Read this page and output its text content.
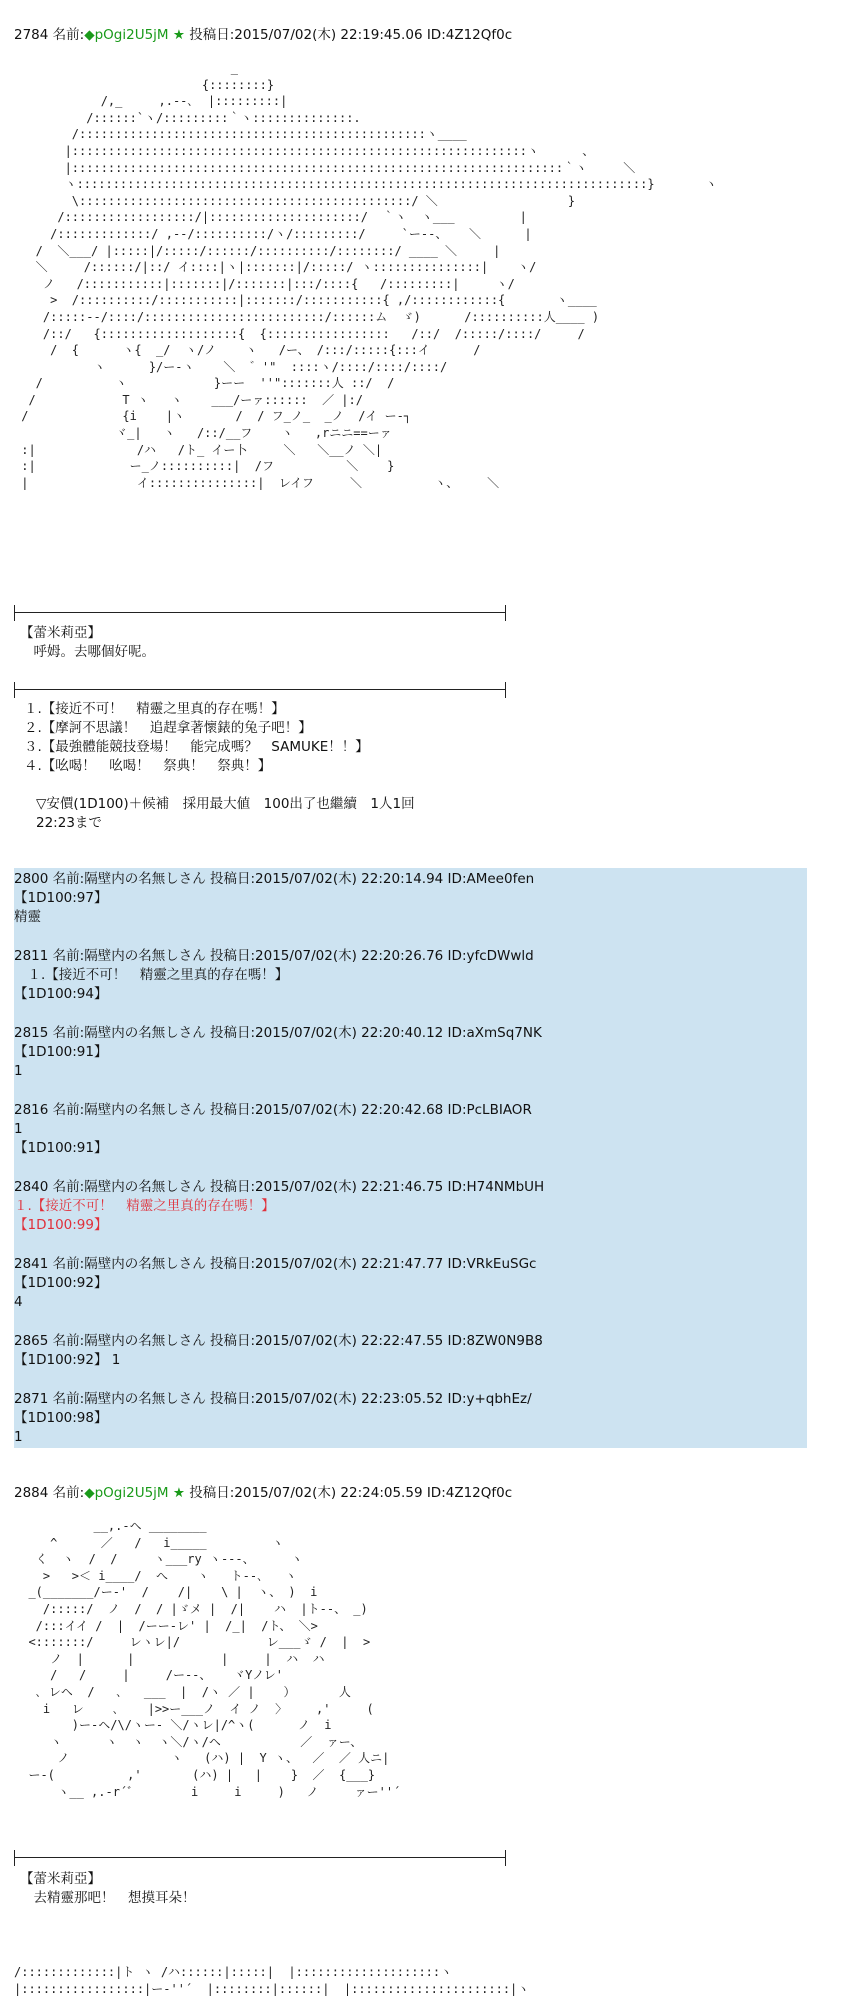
2784 名前:◆pOgi2U5jM ★ 投稿日:2015/07/02(木) 22:19:45.06 ID:4Z12Qf0c
_
{::::::::}
/,_     ,.--､  |:::::::::|
/::::::`ヽ/:::::::::｀ヽ::::::::::::::.
/::::::::::::::::::::::::::::::::::::::::::::::::ヽ____
|:::::::::::::::::::::::::::::::::::::::::::::::::::::::::::::::ヽ      、
|::::::::::::::::::::::::::::::::::::::::::::::::::::::::::::::::::::｀ヽ     ＼
ヽ:::::::::::::::::::::::::::::::::::::::::::::::::::::::::::::::::::::::::::::::}       ヽ
\::::::::::::::::::::::::::::::::::::::::::::::/ ＼                  }
/::::::::::::::::::/|:::::::::::::::::::::/  ｀ヽ  ヽ___         |
/:::::::::::::/ ,--/::::::::::/ヽ/:::::::::/     `ー--、   ＼      |
/  ＼___/ |:::::|/:::::/::::::/::::::::::/::::::::/ ____ ＼     |
＼     /::::::/|::/ イ::::|ヽ|:::::::|/:::::/ ヽ:::::::::::::::|    ヽ/
ノ   /:::::::::::|:::::::|/:::::::|:::/::::{   /:::::::::|     ヽ/
>  /::::::::::/:::::::::::|:::::::/:::::::::::{ ,/::::::::::::{       ヽ____
/:::::--/::::/:::::::::::::::::::::::::/::::::ム  ゞ)      /::::::::::人____ )
/::/   {:::::::::::::::::::{  {:::::::::::::::::   /::/  /:::::/::::/     /
/  {      ヽ{  _/  ヽ/ノ    ヽ   /ー、 /:::/:::::{:::イ      /
ヽ      }/ー-ヽ    ＼  ゛'"  ::::ヽ/::::/::::/::::/
/          ヽ            }ーー  ''":::::::人 ::/  /
/            T ヽ   ヽ    ___/ーァ::::::  ／ |:/
/             {i    |ヽ       /  / フ_ノ_  _ノ  /イ ー‐┐
ヾ_|   ヽ   /::/__フ    ヽ   ,rニニ==ーァ
:|              /ハ   /ト_ イー卜     ＼   ＼__ノ ＼|
:|             ー_ノ::::::::::|  /フ          ＼    }
|               イ:::::::::::::::|  レイフ     ＼          ヽ、    ＼

【蕾米莉亞】
　呼姆。去哪個好呢。
１.【接近不可！　精靈之里真的存在嗎！】
２.【摩訶不思議！　追趕拿著懷錶的兔子吧！】
３.【最強體能競技登場！　能完成嗎？　SAMUKE！！】
４.【吆喝！　吆喝！　祭典！　祭典！】
▽安價(1D100)＋候補　採用最大値　100出了也繼續　1人1回
22:23まで
2800 名前:隔壁内の名無しさん 投稿日:2015/07/02(木) 22:20:14.94 ID:AMee0fen
【1D100:97】
精靈
2811 名前:隔壁内の名無しさん 投稿日:2015/07/02(木) 22:20:26.76 ID:yfcDWwld
　１.【接近不可！　精靈之里真的存在嗎！】
【1D100:94】
2815 名前:隔壁内の名無しさん 投稿日:2015/07/02(木) 22:20:40.12 ID:aXmSq7NK
【1D100:91】
1
2816 名前:隔壁内の名無しさん 投稿日:2015/07/02(木) 22:20:42.68 ID:PcLBIAOR
1
【1D100:91】
2840 名前:隔壁内の名無しさん 投稿日:2015/07/02(木) 22:21:46.75 ID:H74NMbUH
１.【接近不可！　精靈之里真的存在嗎！】
【1D100:99】
2841 名前:隔壁内の名無しさん 投稿日:2015/07/02(木) 22:21:47.77 ID:VRkEuSGc
【1D100:92】
4
2865 名前:隔壁内の名無しさん 投稿日:2015/07/02(木) 22:22:47.55 ID:8ZW0N9B8
【1D100:92】 1
2871 名前:隔壁内の名無しさん 投稿日:2015/07/02(木) 22:23:05.52 ID:y+qbhEz/
【1D100:98】
1
2884 名前:◆pOgi2U5jM ★ 投稿日:2015/07/02(木) 22:24:05.59 ID:4Z12Qf0c
__,.-ヘ ________
^      ／   /   i_____         ヽ
く  ヽ  /  /     ヽ___ry ヽ---、     ヽ
>   >＜ i____/  へ    ヽ   ト--､   ヽ
_(_______/ー-'  /    /|    \ |  ヽ、 )  i
/:::::/  ノ  /  / |ゞメ |  /|    ハ  |ト--、 _)
/:::イイ /  |  /ーー-レ' |  /_|  /ト、 ＼>
<:::::::/     レヽレ|/            レ___ゞ /  |  >
ノ  |      |            |     |  ハ  ハ
/   /     |     /ー--、   ヾYノレ'
､ レヘ  /   ､   ___  |  /ヽ ／ |    ）      人
i   レ    ､    |>>ー___ノ  イ ノ  〉    ,'     (
)ー-ヘ/\/ヽー- ＼/ヽレ|/^ヽ(      ノ  i
ヽ      ヽ  ヽ  ヽ＼/ヽ/ヘ           ／  ァー、
ノ              ヽ   (ハ) |  Y ヽ、  ／  ／ 人ニ|
ー-(          ,'       (ハ) |   |    }  ／  {___}
ヽ__ ,.-r´ﾞ        i     i     )   ノ     ァー''´

【蕾米莉亞】
　去精靈那吧！　想摸耳朵！
/:::::::::::::|ト ヽ /ハ::::::|:::::|  |::::::::::::::::::::ヽ
|:::::::::::::::::|ー-''´  |::::::::|::::::|  |::::::::::::::::::::::|ヽ
